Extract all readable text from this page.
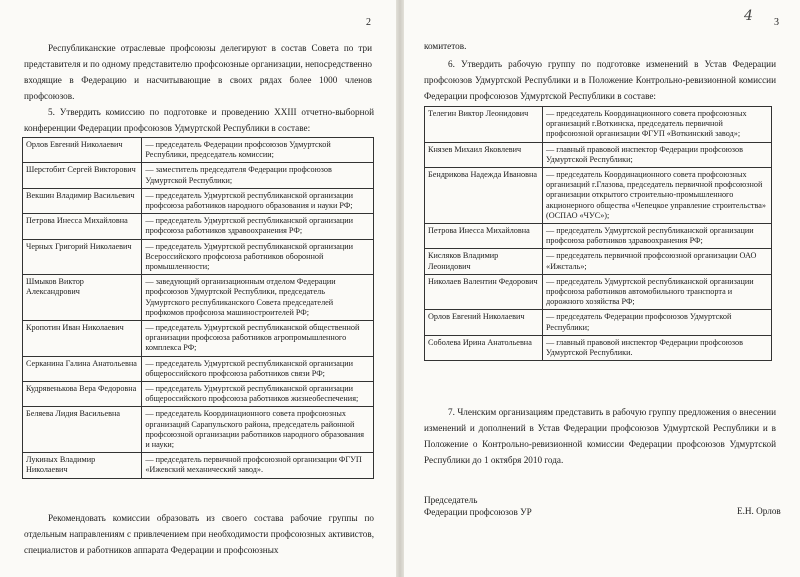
2	3
4

Республиканские отраслевые профсоюзы делегируют в состав Совета по три представителя и по одному представителю профсоюзные организации, непосредственно входящие в Федерацию и насчитывающие в своих рядах более 1000 членов профсоюзов.

5. Утвердить комиссию по подготовке и проведению XXIII отчетно-выборной конференции Федерации профсоюзов Удмуртской Республики в составе:

Орлов Евгений Николаевич	— председатель Федерации профсоюзов Удмуртской Республики, председатель комиссии;
Шерстобит Сергей Викторович	— заместитель председателя Федерации профсоюзов Удмуртской Республики;
Векшин Владимир Васильевич	— председатель Удмуртской республиканской организации профсоюза работников народного образования и науки РФ;
Петрова Инесса Михайловна	— председатель Удмуртской республиканской организации профсоюза работников здравоохранения РФ;
Черных Григорий Николаевич	— председатель Удмуртской республиканской организации Всероссийского профсоюза работников оборонной промышленности;
Шмыков Виктор Александрович	— заведующий организационным отделом Федерации профсоюзов Удмуртской Республики, председатель Удмуртского республиканского Совета председателей профкомов профсоюза машиностроителей РФ;
Кропотин Иван Николаевич	— председатель Удмуртской республиканской общественной организации профсоюза работников агропромышленного комплекса РФ;
Серканина Галина Анатольевна	— председатель Удмуртской республиканской организации общероссийского профсоюза работников связи РФ;
Кудрявенькова Вера Федоровна	— председатель Удмуртской республиканской организации общероссийского профсоюза работников жизнеобеспечения;
Беляева Лидия Васильевна	— председатель Координационного совета профсоюзных организаций Сарапульского района, председатель районной профсоюзной организации работников народного образования и науки;
Лукиных Владимир Николаевич	— председатель первичной профсоюзной организации ФГУП «Ижевский механический завод».

Рекомендовать комиссии образовать из своего состава рабочие группы по отдельным направлениям с привлечением при необходимости профсоюзных активистов, специалистов и работников аппарата Федерации и профсоюзных

комитетов.

6. Утвердить рабочую группу по подготовке изменений в Устав Федерации профсоюзов Удмуртской Республики и в Положение Контрольно-ревизионной комиссии Федерации профсоюзов Удмуртской Республики в составе:

Телегин Виктор Леонидович	— председатель Координационного совета профсоюзных организаций г.Воткинска, председатель первичной профсоюзной организации ФГУП «Воткинский завод»;
Князев Михаил Яковлевич	— главный правовой инспектор Федерации профсоюзов Удмуртской Республики;
Бендрикова Надежда Ивановна	— председатель Координационного совета профсоюзных организаций г.Глазова, председатель первичной профсоюзной организации открытого строительно-промышленного акционерного общества «Чепецкое управление строительства» (ОСПАО «ЧУС»);
Петрова Инесса Михайловна	— председатель Удмуртской республиканской организации профсоюза работников здравоохранения РФ;
Кисляков Владимир Леонидович	— председатель первичной профсоюзной организации ОАО «Ижсталь»;
Николаев Валентин Федорович	— председатель Удмуртской республиканской организации профсоюза работников автомобильного транспорта и дорожного хозяйства РФ;
Орлов Евгений Николаевич	— председатель Федерации профсоюзов Удмуртской Республики;
Соболева Ирина Анатольевна	— главный правовой инспектор Федерации профсоюзов Удмуртской Республики.

7. Членским организациям представить в рабочую группу предложения о внесении изменений и дополнений в Устав Федерации профсоюзов Удмуртской Республики и в Положение о Контрольно-ревизионной комиссии Федерации профсоюзов Удмуртской Республики до 1 октября 2010 года.

Председатель
Федерации профсоюзов УР	Е.Н. Орлов
